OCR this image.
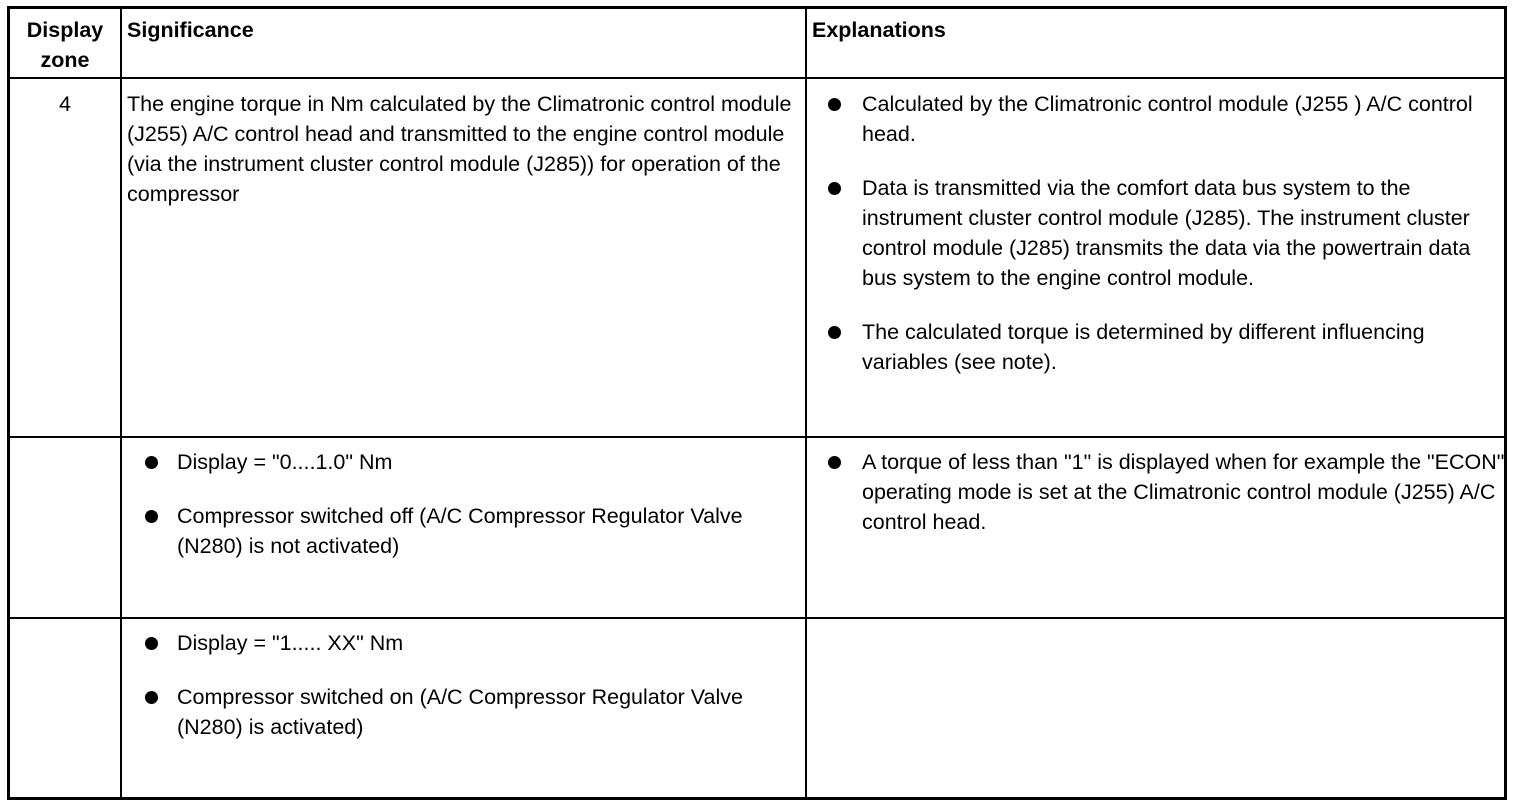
Display
zone
Significance	Explanations
4	The engine torque in Nm calculated by the Climatronic control module (J255) A/C control head and transmitted to the engine control module (via the instrument cluster control module (J285)) for operation of the compressor

Calculated by the Climatronic control module (J255 ) A/C control head.
Data is transmitted via the comfort data bus system to the instrument cluster control module (J285). The instrument cluster control module (J285) transmits the data via the powertrain data bus system to the engine control module.
The calculated torque is determined by different influencing variables (see note).
Display = "0....1.0" Nm
Compressor switched off (A/C Compressor Regulator Valve (N280) is not activated)
A torque of less than "1" is displayed when for example the "ECON" operating mode is set at the Climatronic control module (J255) A/C control head.
Display = "1..... XX" Nm
Compressor switched on (A/C Compressor Regulator Valve (N280) is activated)
